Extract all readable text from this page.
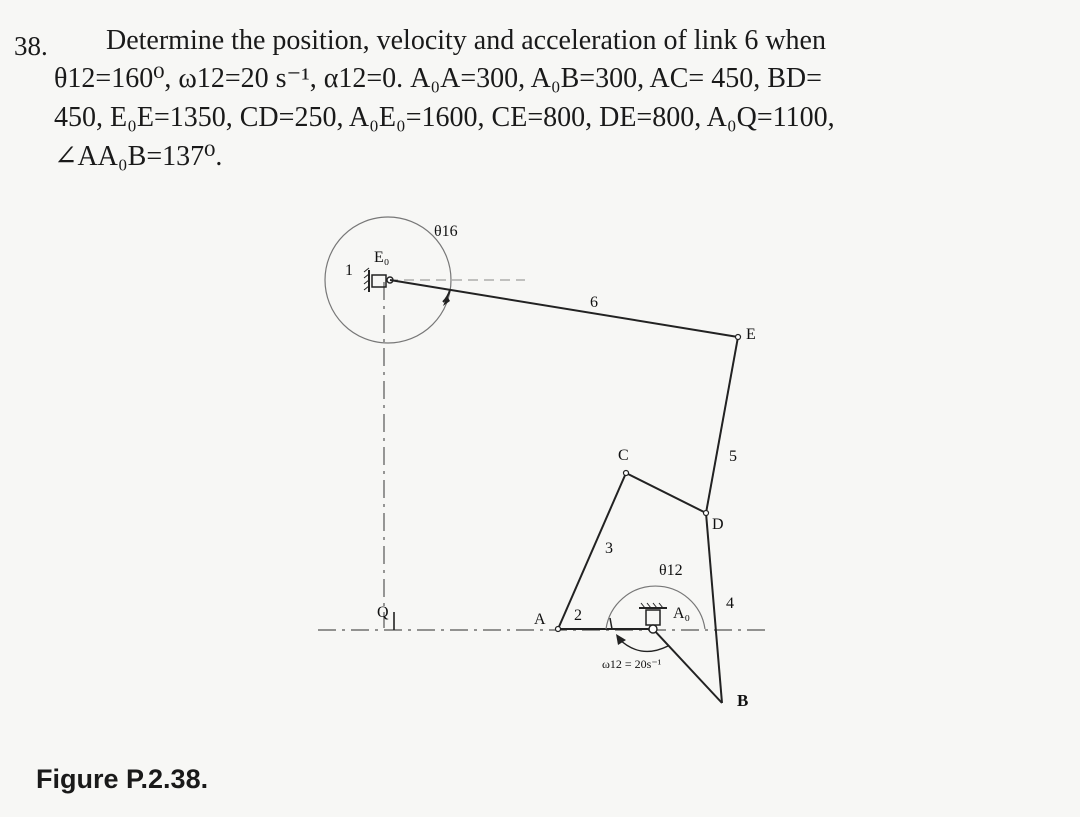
38. Determine the position, velocity and acceleration of link 6 when
θ12=160⁰, ω12=20 s⁻¹, α12=0. A₀A=300, A₀B=300, AC= 450, BD=
450, E₀E=1350, CD=250, A₀E₀=1600, CE=800, DE=800, A₀Q=1100,
∠AA₀B=137⁰.
θ16
E₀
1
6
E
C	5
D
3
θ12
4
Q	A 2	A₀
ω12 = 20s⁻¹
B
Figure P.2.38.
